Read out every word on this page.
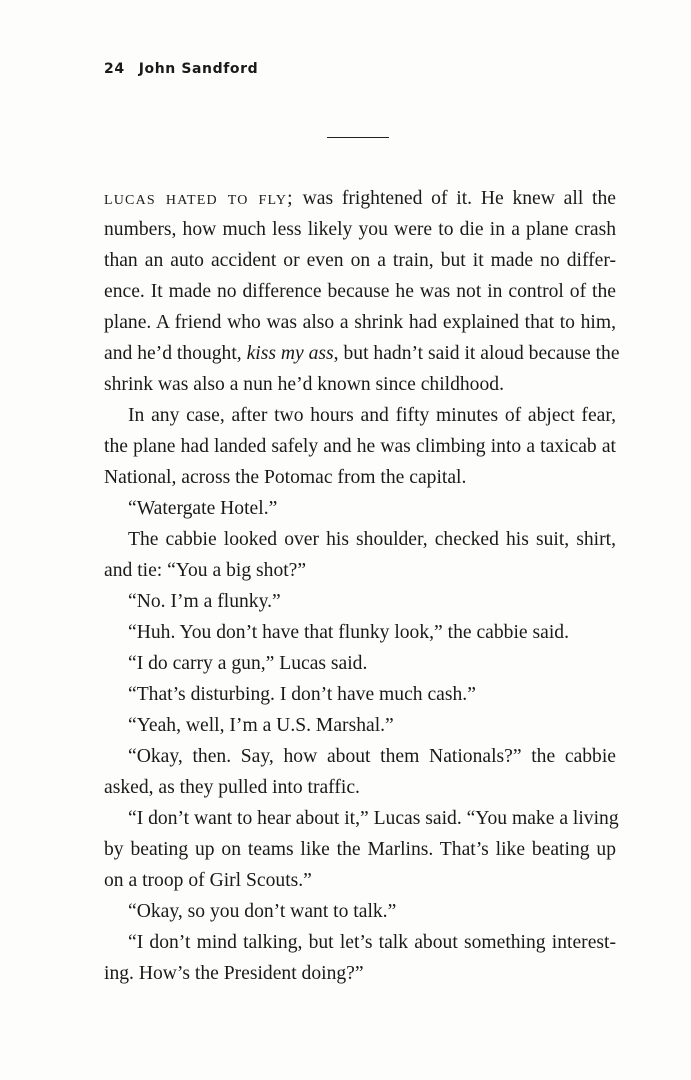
24 John Sandford
lucas hated to fly; was frightened of it. He knew all the
numbers, how much less likely you were to die in a plane crash
than an auto accident or even on a train, but it made no differ-
ence. It made no difference because he was not in control of the
plane. A friend who was also a shrink had explained that to him,
and he’d thought, kiss my ass, but hadn’t said it aloud because the
shrink was also a nun he’d known since childhood.
In any case, after two hours and fifty minutes of abject fear,
the plane had landed safely and he was climbing into a taxicab at
National, across the Potomac from the capital.
“Watergate Hotel.”
The cabbie looked over his shoulder, checked his suit, shirt,
and tie: “You a big shot?”
“No. I’m a flunky.”
“Huh. You don’t have that flunky look,” the cabbie said.
“I do carry a gun,” Lucas said.
“That’s disturbing. I don’t have much cash.”
“Yeah, well, I’m a U.S. Marshal.”
“Okay, then. Say, how about them Nationals?” the cabbie
asked, as they pulled into traffic.
“I don’t want to hear about it,” Lucas said. “You make a living
by beating up on teams like the Marlins. That’s like beating up
on a troop of Girl Scouts.”
“Okay, so you don’t want to talk.”
“I don’t mind talking, but let’s talk about something interest-
ing. How’s the President doing?”
